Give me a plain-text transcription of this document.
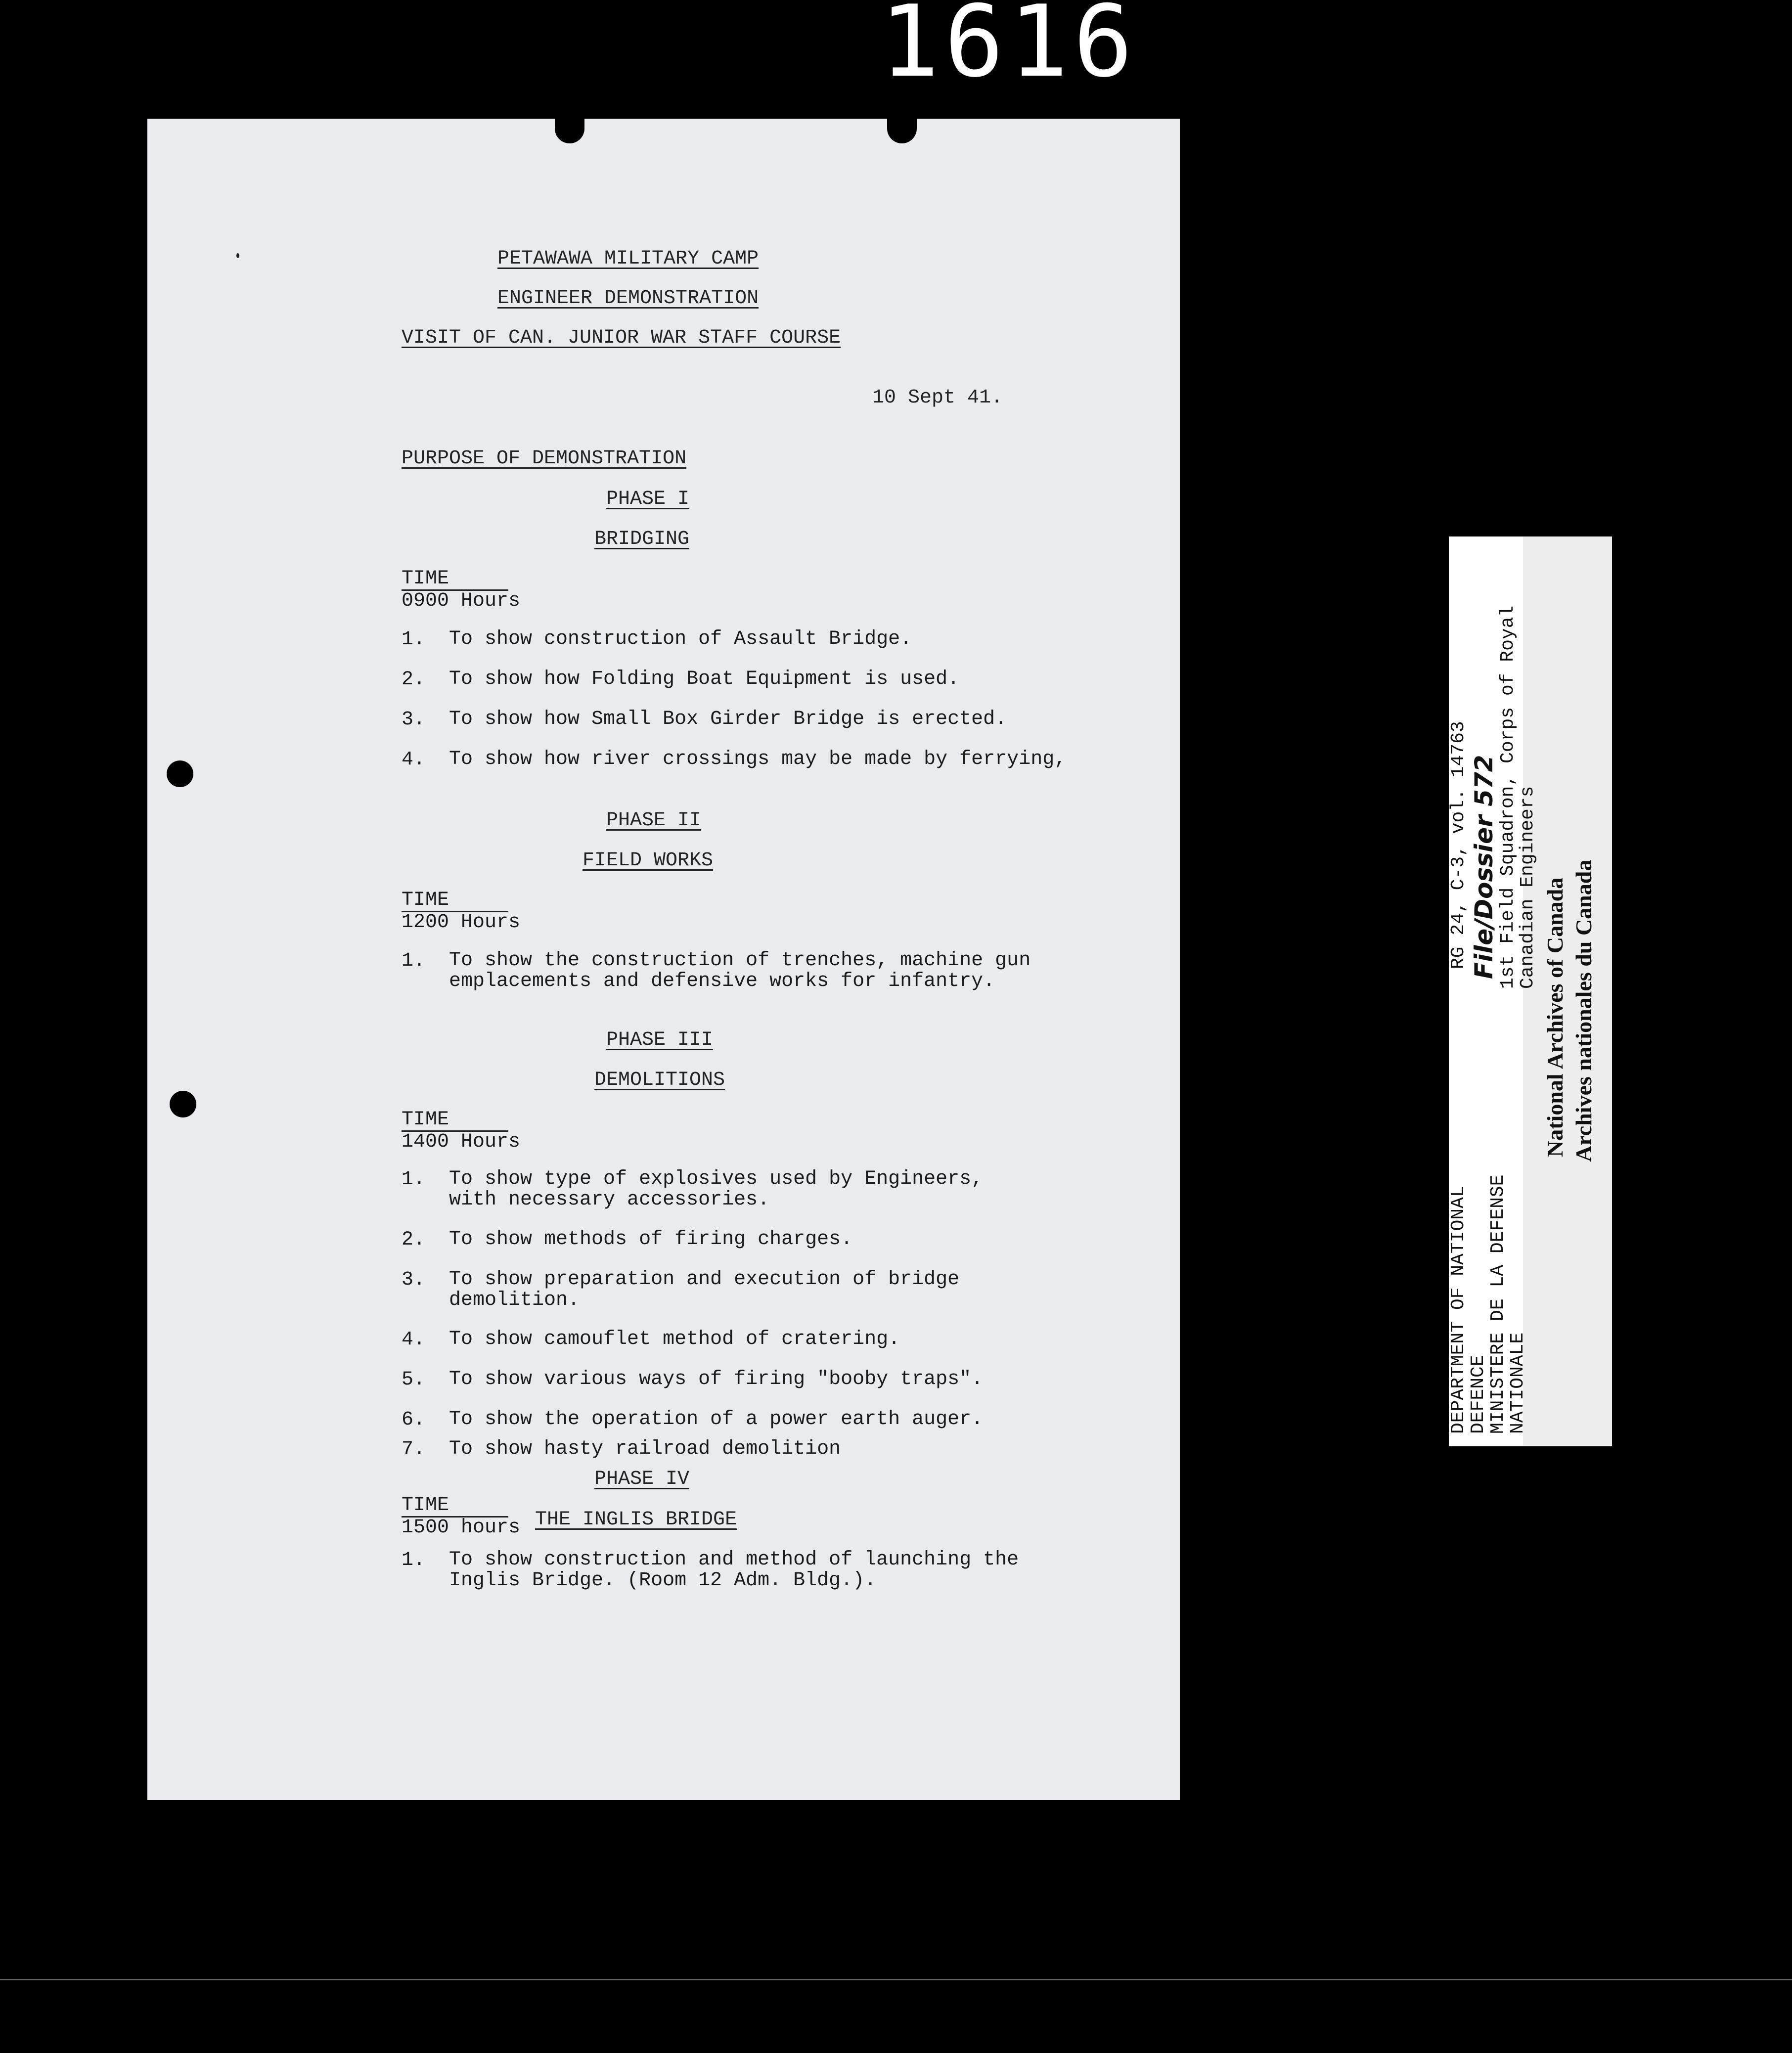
1616
PETAWAWA MILITARY CAMP
ENGINEER DEMONSTRATION
VISIT OF CAN. JUNIOR WAR STAFF COURSE
10 Sept 41.
PURPOSE OF DEMONSTRATION
PHASE I
BRIDGING
TIME
0900 Hours
1. To show construction of Assault Bridge.
2. To show how Folding Boat Equipment is used.
3. To show how Small Box Girder Bridge is erected.
4. To show how river crossings may be made by ferrying,
PHASE II
FIELD WORKS
TIME
1200 Hours
1. To show the construction of trenches, machine gun
emplacements and defensive works for infantry.
PHASE III
DEMOLITIONS
TIME
1400 Hours
1. To show type of explosives used by Engineers,
with necessary accessories.
2. To show methods of firing charges.
3. To show preparation and execution of bridge
demolition.
4. To show camouflet method of cratering.
5. To show various ways of firing "booby traps".
6. To show the operation of a power earth auger.
7. To show hasty railroad demolition
PHASE IV
TIME
1500 hours THE INGLIS BRIDGE
1. To show construction and method of launching the
Inglis Bridge. (Room 12 Adm. Bldg.).
DEPARTMENT OF NATIONAL
DEFENCE
MINISTERE DE LA DEFENSE
NATIONALE
RG 24, C-3, vol. 14763 File/Dossier 572
1st Field Squadron, Corps of Royal
Canadian Engineers
National Archives of Canada Archives nationales du Canada
